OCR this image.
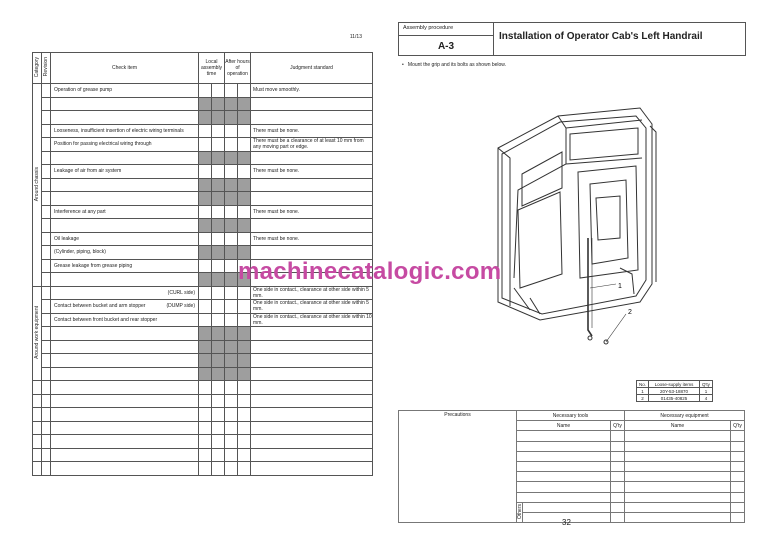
11/13
Category	Revision	Check item	Local assembly time		After hours of operation		Judgment standard
Around chassis		Operation of grease pump					Must move smoothly.

		Looseness, insufficient insertion of electric wiring terminals					There must be none.
		Position for passing electrical wiring through					There must be a clearance of at least 10 mm from any moving part or edge.

		Leakage of air from air system					There must be none.

		Interference at any part					There must be none.

		Oil leakage					There must be none.
		(Cylinder, piping, block)					
		Grease leakage from grease piping					

Around work equipment		(CURL side)					One side in contact., clearance at other side within 5 mm.
		Contact between bucket and arm stopper (DUMP side)					One side in contact., clearance at other side within 5 mm.
		Contact between front bucket and rear stopper					One side in contact., clearance at other side within 10 mm.

Assembly procedure
A-3
Installation of Operator Cab's Left Handrail
•   Mount the grip and its bolts as shown below.
1
2
machinecatalogic.com
No.	Loose-supply items	Q'ty
1	20Y-53-18870	1
2	01435-40825	4
Precautions	Necessary tools			Necessary equipment	
	Name		Q'ty	Name	Q'ty

	Others				

32
